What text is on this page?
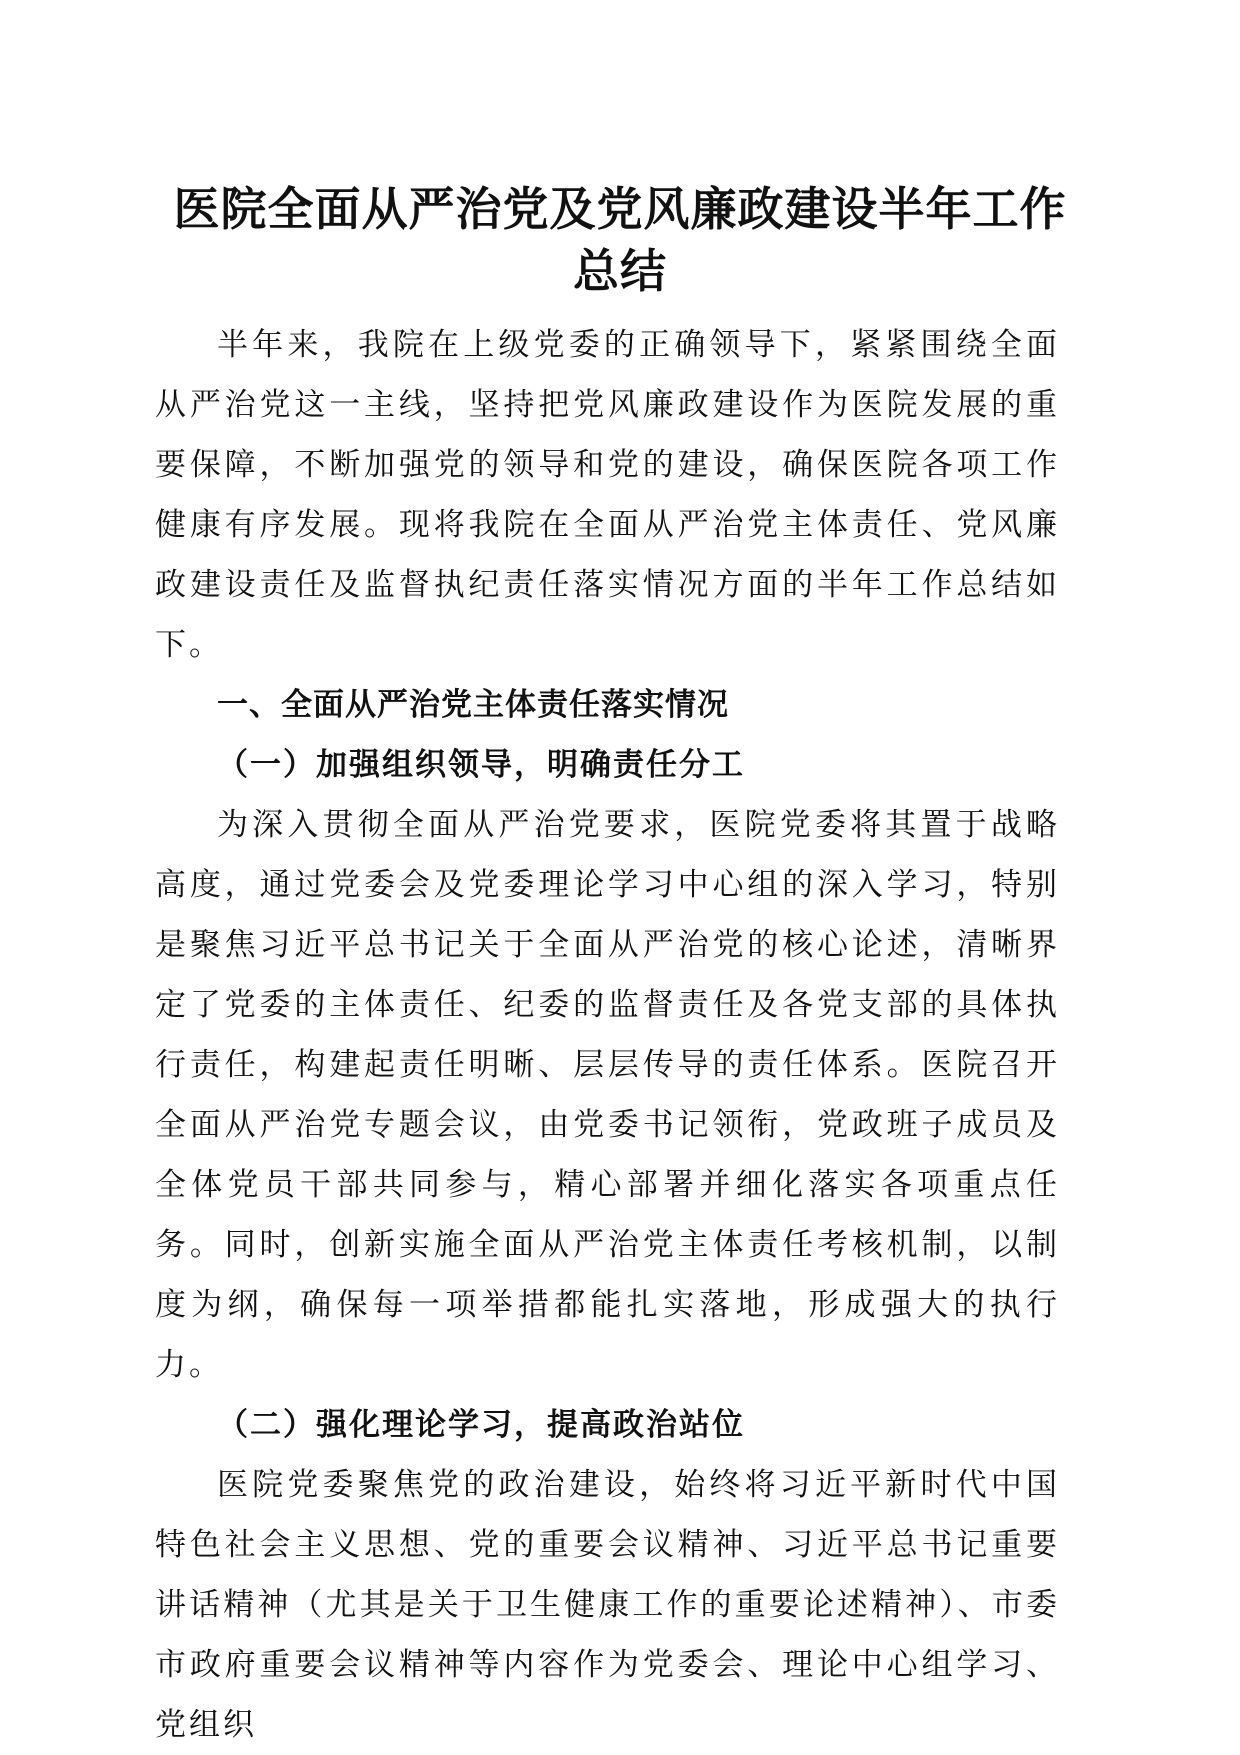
医院全面从严治党及党风廉政建设半年工作总结

半年来，我院在上级党委的正确领导下，紧紧围绕全面从严治党这一主线，坚持把党风廉政建设作为医院发展的重要保障，不断加强党的领导和党的建设，确保医院各项工作健康有序发展。现将我院在全面从严治党主体责任、党风廉政建设责任及监督执纪责任落实情况方面的半年工作总结如下。

一、全面从严治党主体责任落实情况

（一）加强组织领导，明确责任分工

为深入贯彻全面从严治党要求，医院党委将其置于战略高度，通过党委会及党委理论学习中心组的深入学习，特别是聚焦习近平总书记关于全面从严治党的核心论述，清晰界定了党委的主体责任、纪委的监督责任及各党支部的具体执行责任，构建起责任明晰、层层传导的责任体系。医院召开全面从严治党专题会议，由党委书记领衔，党政班子成员及全体党员干部共同参与，精心部署并细化落实各项重点任务。同时，创新实施全面从严治党主体责任考核机制，以制度为纲，确保每一项举措都能扎实落地，形成强大的执行力。

（二）强化理论学习，提高政治站位

医院党委聚焦党的政治建设，始终将习近平新时代中国特色社会主义思想、党的重要会议精神、习近平总书记重要讲话精神（尤其是关于卫生健康工作的重要论述精神）、市委市政府重要会议精神等内容作为党委会、理论中心组学习、党组织
